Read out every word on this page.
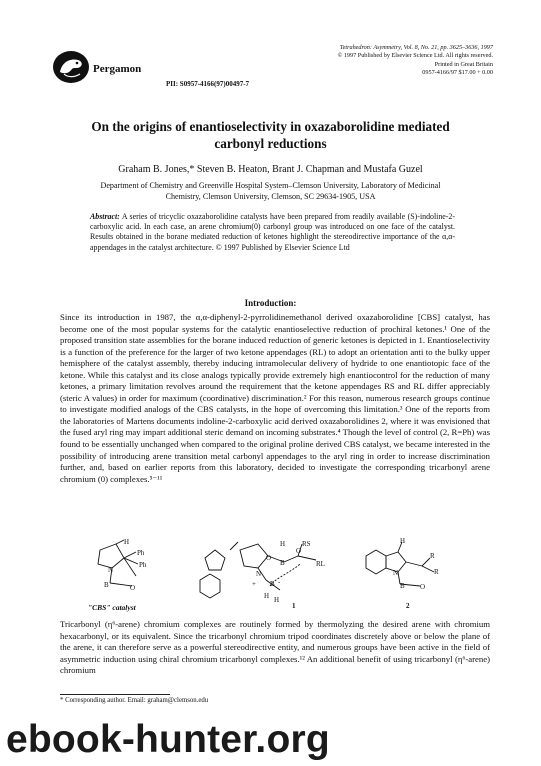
Pergamon
PII: S0957-4166(97)00497-7
Tetrahedron: Asymmetry, Vol. 8, No. 21, pp. 3625–3636, 1997
© 1997 Published by Elsevier Science Ltd. All rights reserved.
Printed in Great Britain
0957-4166/97 $17.00 + 0.00
On the origins of enantioselectivity in oxazaborolidine mediated
carbonyl reductions
Graham B. Jones,* Steven B. Heaton, Brant J. Chapman and Mustafa Guzel
Department of Chemistry and Greenville Hospital System–Clemson University, Laboratory of Medicinal
Chemistry, Clemson University, Clemson, SC 29634-1905, USA
Abstract: A series of tricyclic oxazaborolidine catalysts have been prepared from readily available (S)-indoline-2-carboxylic acid. In each case, an arene chromium(0) carbonyl group was introduced on one face of the catalyst. Results obtained in the borane mediated reduction of ketones highlight the stereodirective importance of the α,α-appendages in the catalyst architecture. © 1997 Published by Elsevier Science Ltd
Introduction:
Since its introduction in 1987, the α,α-diphenyl-2-pyrrolidinemethanol derived oxazaborolidine [CBS] catalyst, has become one of the most popular systems for the catalytic enantioselective reduction of prochiral ketones.¹ One of the proposed transition state assemblies for the borane induced reduction of generic ketones is depicted in 1. Enantioselectivity is a function of the preference for the larger of two ketone appendages (RL) to adopt an orientation anti to the bulky upper hemisphere of the catalyst assembly, thereby inducing intramolecular delivery of hydride to one enantiotopic face of the ketone. While this catalyst and its close analogs typically provide extremely high enantiocontrol for the reduction of many ketones, a primary limitation revolves around the requirement that the ketone appendages RS and RL differ appreciably (steric A values) in order for maximum (coordinative) discrimination.² For this reason, numerous research groups continue to investigate modified analogs of the CBS catalysts, in the hope of overcoming this limitation.³ One of the reports from the laboratories of Martens documents indoline-2-carboxylic acid derived oxazaborolidines 2, where it was envisioned that the fused aryl ring may impart additional steric demand on incoming substrates.⁴ Though the level of control (2, R=Ph) was found to be essentially unchanged when compared to the original proline derived CBS catalyst, we became interested in the possibility of introducing arene transition metal carbonyl appendages to the aryl ring in order to increase discrimination further, and, based on earlier reports from this laboratory, decided to investigate the corresponding tricarbonyl arene chromium (0) complexes.⁵⁻¹¹
N
B	O
H
Ph
Ph
H
O
B
O
RS
RL
N
+ B -
H H
1
H
N
B O
R
R
2
"CBS" catalyst
Tricarbonyl (η⁶-arene) chromium complexes are routinely formed by thermolyzing the desired arene with chromium hexacarbonyl, or its equivalent. Since the tricarbonyl chromium tripod coordinates discretely above or below the plane of the arene, it can therefore serve as a powerful stereodirective entity, and numerous groups have been active in the field of asymmetric induction using chiral chromium tricarbonyl complexes.¹² An additional benefit of using tricarbonyl (η⁶-arene) chromium
* Corresponding author. Email: graham@clemson.edu
ebook-hunter.org
